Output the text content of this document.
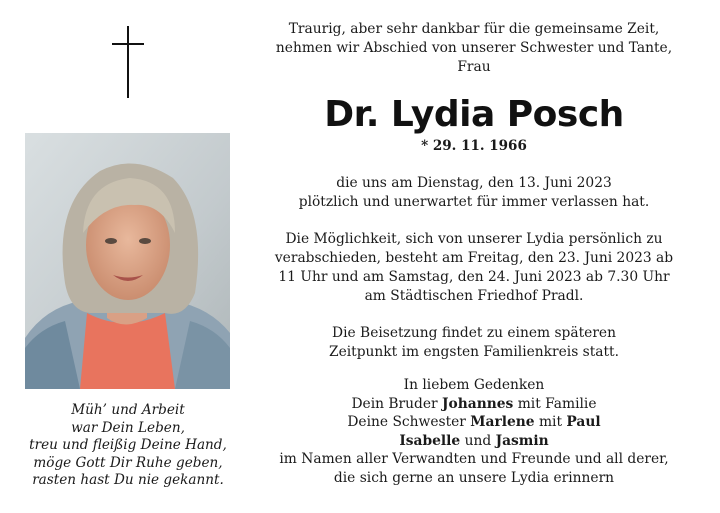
Müh’ und Arbeit
war Dein Leben,
treu und fleißig Deine Hand,
möge Gott Dir Ruhe geben,
rasten hast Du nie gekannt.
Traurig, aber sehr dankbar für die gemeinsame Zeit,
nehmen wir Abschied von unserer Schwester und Tante,
Frau
Dr. Lydia Posch
* 29. 11. 1966
die uns am Dienstag, den 13. Juni 2023
plötzlich und unerwartet für immer verlassen hat.
Die Möglichkeit, sich von unserer Lydia persönlich zu
verabschieden, besteht am Freitag, den 23. Juni 2023 ab
11 Uhr und am Samstag, den 24. Juni 2023 ab 7.30 Uhr
am Städtischen Friedhof Pradl.
Die Beisetzung findet zu einem späteren
Zeitpunkt im engsten Familienkreis statt.
In liebem Gedenken
Dein Bruder Johannes mit Familie
Deine Schwester Marlene mit Paul
Isabelle und Jasmin
im Namen aller Verwandten und Freunde und all derer,
die sich gerne an unsere Lydia erinnern
